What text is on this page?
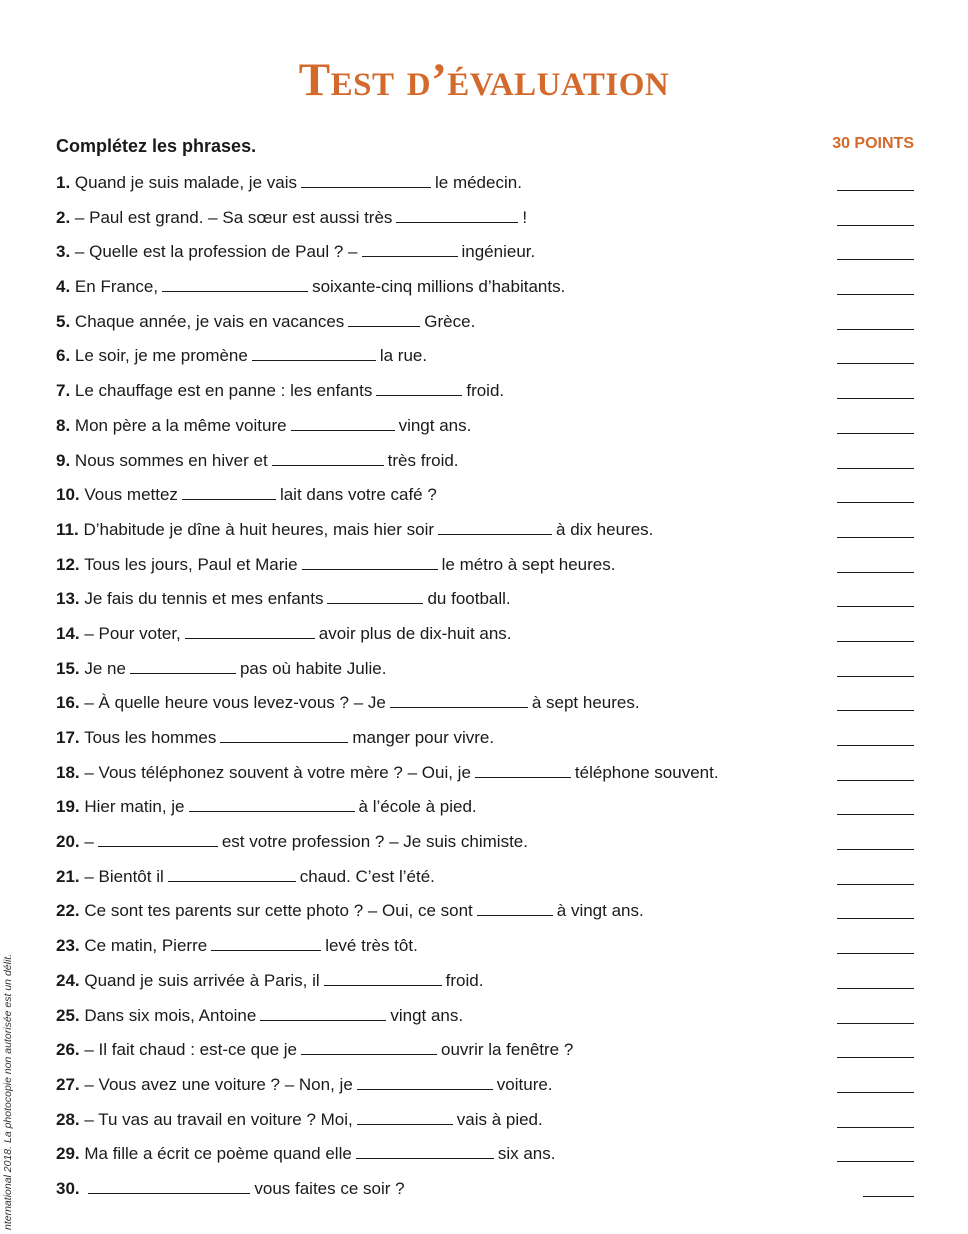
Test d’évaluation

Complétez les phrases.	30 POINTS
1. Quand je suis malade, je vais	le médecin.
2. – Paul est grand. – Sa sœur est aussi très	!
3. – Quelle est la profession de Paul ? –	ingénieur.
4. En France,	soixante-cinq millions d’habitants.
5. Chaque année, je vais en vacances	Grèce.
6. Le soir, je me promène	la rue.
7. Le chauffage est en panne : les enfants	froid.
8. Mon père a la même voiture	vingt ans.
9. Nous sommes en hiver et	très froid.
10. Vous mettez	lait dans votre café ?
11. D’habitude je dîne à huit heures, mais hier soir	à dix heures.
12. Tous les jours, Paul et Marie	le métro à sept heures.
13. Je fais du tennis et mes enfants	du football.
14. – Pour voter,	avoir plus de dix-huit ans.
15. Je ne	pas où habite Julie.
16. – À quelle heure vous levez-vous ? – Je	à sept heures.
17. Tous les hommes	manger pour vivre.
18. – Vous téléphonez souvent à votre mère ? – Oui, je	téléphone souvent.
19. Hier matin, je	à l’école à pied.
20. –	est votre profession ? – Je suis chimiste.
21. – Bientôt il	chaud. C’est l’été.
22. Ce sont tes parents sur cette photo ? – Oui, ce sont	à vingt ans.
23. Ce matin, Pierre	levé très tôt.
24. Quand je suis arrivée à Paris, il	froid.
25. Dans six mois, Antoine	vingt ans.
26. – Il fait chaud : est-ce que je	ouvrir la fenêtre ?
27. – Vous avez une voiture ? – Non, je	voiture.
28. – Tu vas au travail en voiture ? Moi,	vais à pied.
29. Ma fille a écrit ce poème quand elle	six ans.
30.	vous faites ce soir ?
nternational 2018. La photocopie non autorisée est un délit.
